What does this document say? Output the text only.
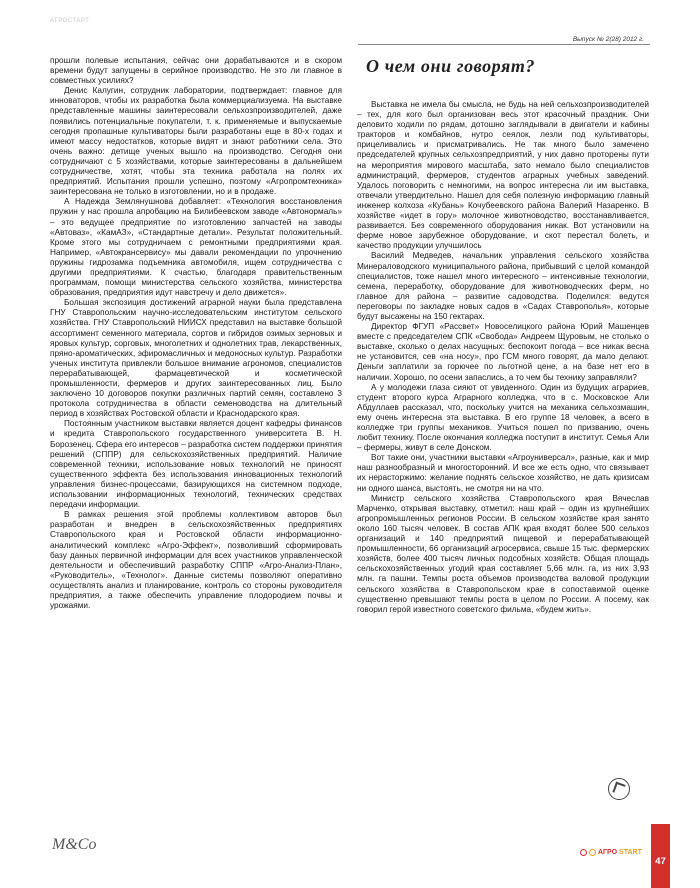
АГРОСТАРТ
Выпуск № 2(28) 2012 г.

прошли полевые испытания, сейчас они дорабатываются и в скором времени будут запущены в серийное производство. Не это ли главное в совместных усилиях?

Денис Калугин, сотрудник лаборатории, подтверждает: главное для инноваторов, чтобы их разработка была коммерциализуема. На выставке представленные машины заинтересовали сельхозпроизводителей, даже появились потенциальные покупатели, т. к. применяемые и выпускаемые сегодня пропашные культиваторы были разработаны еще в 80-х годах и имеют массу недостатков, которые видят и знают работники села. Это очень важно: детище ученых вышло на производство. Сегодня они сотрудничают с 5 хозяйствами, которые заинтересованы в дальнейшем сотрудничестве, хотят, чтобы эта техника работала на полях их предприятий. Испытания прошли успешно, поэтому «Агропромтехника» заинтересована не только в изготовлении, но и в продаже.

А Надежда Землянушнова добавляет: «Технология восстановления пружин у нас прошла апробацию на Билибеевском заводе «Автонормаль» – это ведущее предприятие по изготовлению запчастей на заводы «Автоваз», «КамАЗ», «Стандартные детали». Результат положительный. Кроме этого мы сотрудничаем с ремонтными предприятиями края. Например, «Автокрансервису» мы давали рекомендации по упрочнению пружины гидрозамка подъемника автомобиля, ищем сотрудничества с другими предприятиями. К счастью, благодаря правительственным программам, помощи министерства сельского хозяйства, министерства образования, предприятия идут навстречу и дело движется».

Большая экспозиция достижений аграрной науки была представлена ГНУ Ставропольским научно-исследовательским институтом сельского хозяйства. ГНУ Ставропольский НИИСХ представил на выставке большой ассортимент семенного материала, сортов и гибридов озимых зерновых и яровых культур, сорговых, многолетних и однолетних трав, лекарственных, пряно-ароматических, эфиромасличных и медоносных культур. Разработки ученых института привлекли большое внимание агрономов, специалистов перерабатывающей, фармацевтической и косметической промышленности, фермеров и других заинтересованных лиц. Было заключено 10 договоров покупки различных партий семян, составлено 3 протокола сотрудничества в области семеноводства на длительный период в хозяйствах Ростовской области и Краснодарского края.

Постоянным участником выставки является доцент кафедры финансов и кредита Ставропольского государственного университета В. Н. Борозенец. Сфера его интересов – разработка систем поддержки принятия решений (СППР) для сельскохозяйственных предприятий. Наличие современной техники, использование новых технологий не приносят существенного эффекта без использования инновационных технологий управления бизнес-процессами, базирующихся на системном подходе, использовании информационных технологий, технических средствах передачи информации.

В рамках решения этой проблемы коллективом авторов был разработан и внедрен в сельскохозяйственных предприятиях Ставропольского края и Ростовской области информационно-аналитический комплекс «Агро-Эффект», позволивший сформировать базу данных первичной информации для всех участников управленческой деятельности и обеспечивший разработку СППР «Агро-Анализ-План», «Руководитель», «Технолог». Данные системы позволяют оперативно осуществлять анализ и планирование, контроль со стороны руководителя предприятия, а также обеспечить управление плодородием почвы и урожаями.

О чем они говорят?

Выставка не имела бы смысла, не будь на ней сельхозпроизводителей – тех, для кого был организован весь этот красочный праздник. Они деловито ходили по рядам, дотошно заглядывали в двигатели и кабины тракторов и комбайнов, нутро сеялок, лезли под культиваторы, прицеливались и присматривались. Не так много было замечено председателей крупных сельхозпредприятий, у них давно проторены пути на мероприятия мирового масштаба, зато немало было специалистов администраций, фермеров, студентов аграрных учебных заведений. Удалось поговорить с немногими, на вопрос интересна ли им выставка, отвечали утвердительно. Нашел для себя полезную информацию главный инженер колхоза «Кубань» Кочубеевского района Валерий Назаренко. В хозяйстве «идет в гору» молочное животноводство, восстанавливается, развивается. Без современного оборудования никак. Вот установили на ферме новое зарубежное оборудование, и скот перестал болеть, и качество продукции улучшилось

Василий Медведев, начальник управления сельского хозяйства Минераловодского муниципального района, прибывший с целой командой специалистов, тоже нашел много интересного – интенсивные технологии, семена, переработку, оборудование для животноводческих ферм, но главное для района – развитие садоводства. Поделился: ведутся переговоры по закладке новых садов в «Садах Ставрополья», которые будут высажены на 150 гектарах.

Директор ФГУП «Рассвет» Новоселицкого района Юрий Машенцев вместе с председателем СПК «Свобода» Андреем Щуровым, не столько о выставке, сколько о делах насущных: беспокоит погода – все никак весна не установится, сев «на носу», про ГСМ много говорят, да мало делают. Деньги заплатили за горючее по льготной цене, а на базе нет его в наличии. Хорошо, по осени запаслись, а то чем бы технику заправляли?

А у молодежи глаза сияют от увиденного. Один из будущих аграриев, студент второго курса Аграрного колледжа, что в с. Московское Али Абдуллаев рассказал, что, поскольку учится на механика сельхозмашин, ему очень интересна эта выставка. В его группе 18 человек, а всего в колледже три группы механиков. Учиться пошел по призванию, очень любит технику. После окончания колледжа поступит в институт. Семья Али – фермеры, живут в селе Донском.

Вот такие они, участники выставки «Агроуниверсал», разные, как и мир наш разнообразный и многосторонний. И все же есть одно, что связывает их нерасторжимо: желание поднять сельское хозяйство, не дать кризисам ни одного шанса, выстоять, не смотря ни на что.

Министр сельского хозяйства Ставропольского края Вячеслав Марченко, открывая выставку, отметил: наш край – один из крупнейших агропромышленных регионов России. В сельском хозяйстве края занято около 160 тысяч человек. В состав АПК края входят более 500 сельхоз организаций и 140 предприятий пищевой и перерабатывающей промышленности, 66 организаций агросервиса, свыше 15 тыс. фермерских хозяйств, более 400 тысяч личных подсобных хозяйств. Общая площадь сельскохозяйственных угодий края составляет 5,66 млн. га, из них 3,93 млн. га пашни. Темпы роста объемов производства валовой продукции сельского хозяйства в Ставропольском крае в сопоставимой оценке существенно превышают темпы роста в целом по России. А посему, как говорил герой известного советского фильма, «будем жить».

M&Co	АГРО START
47
